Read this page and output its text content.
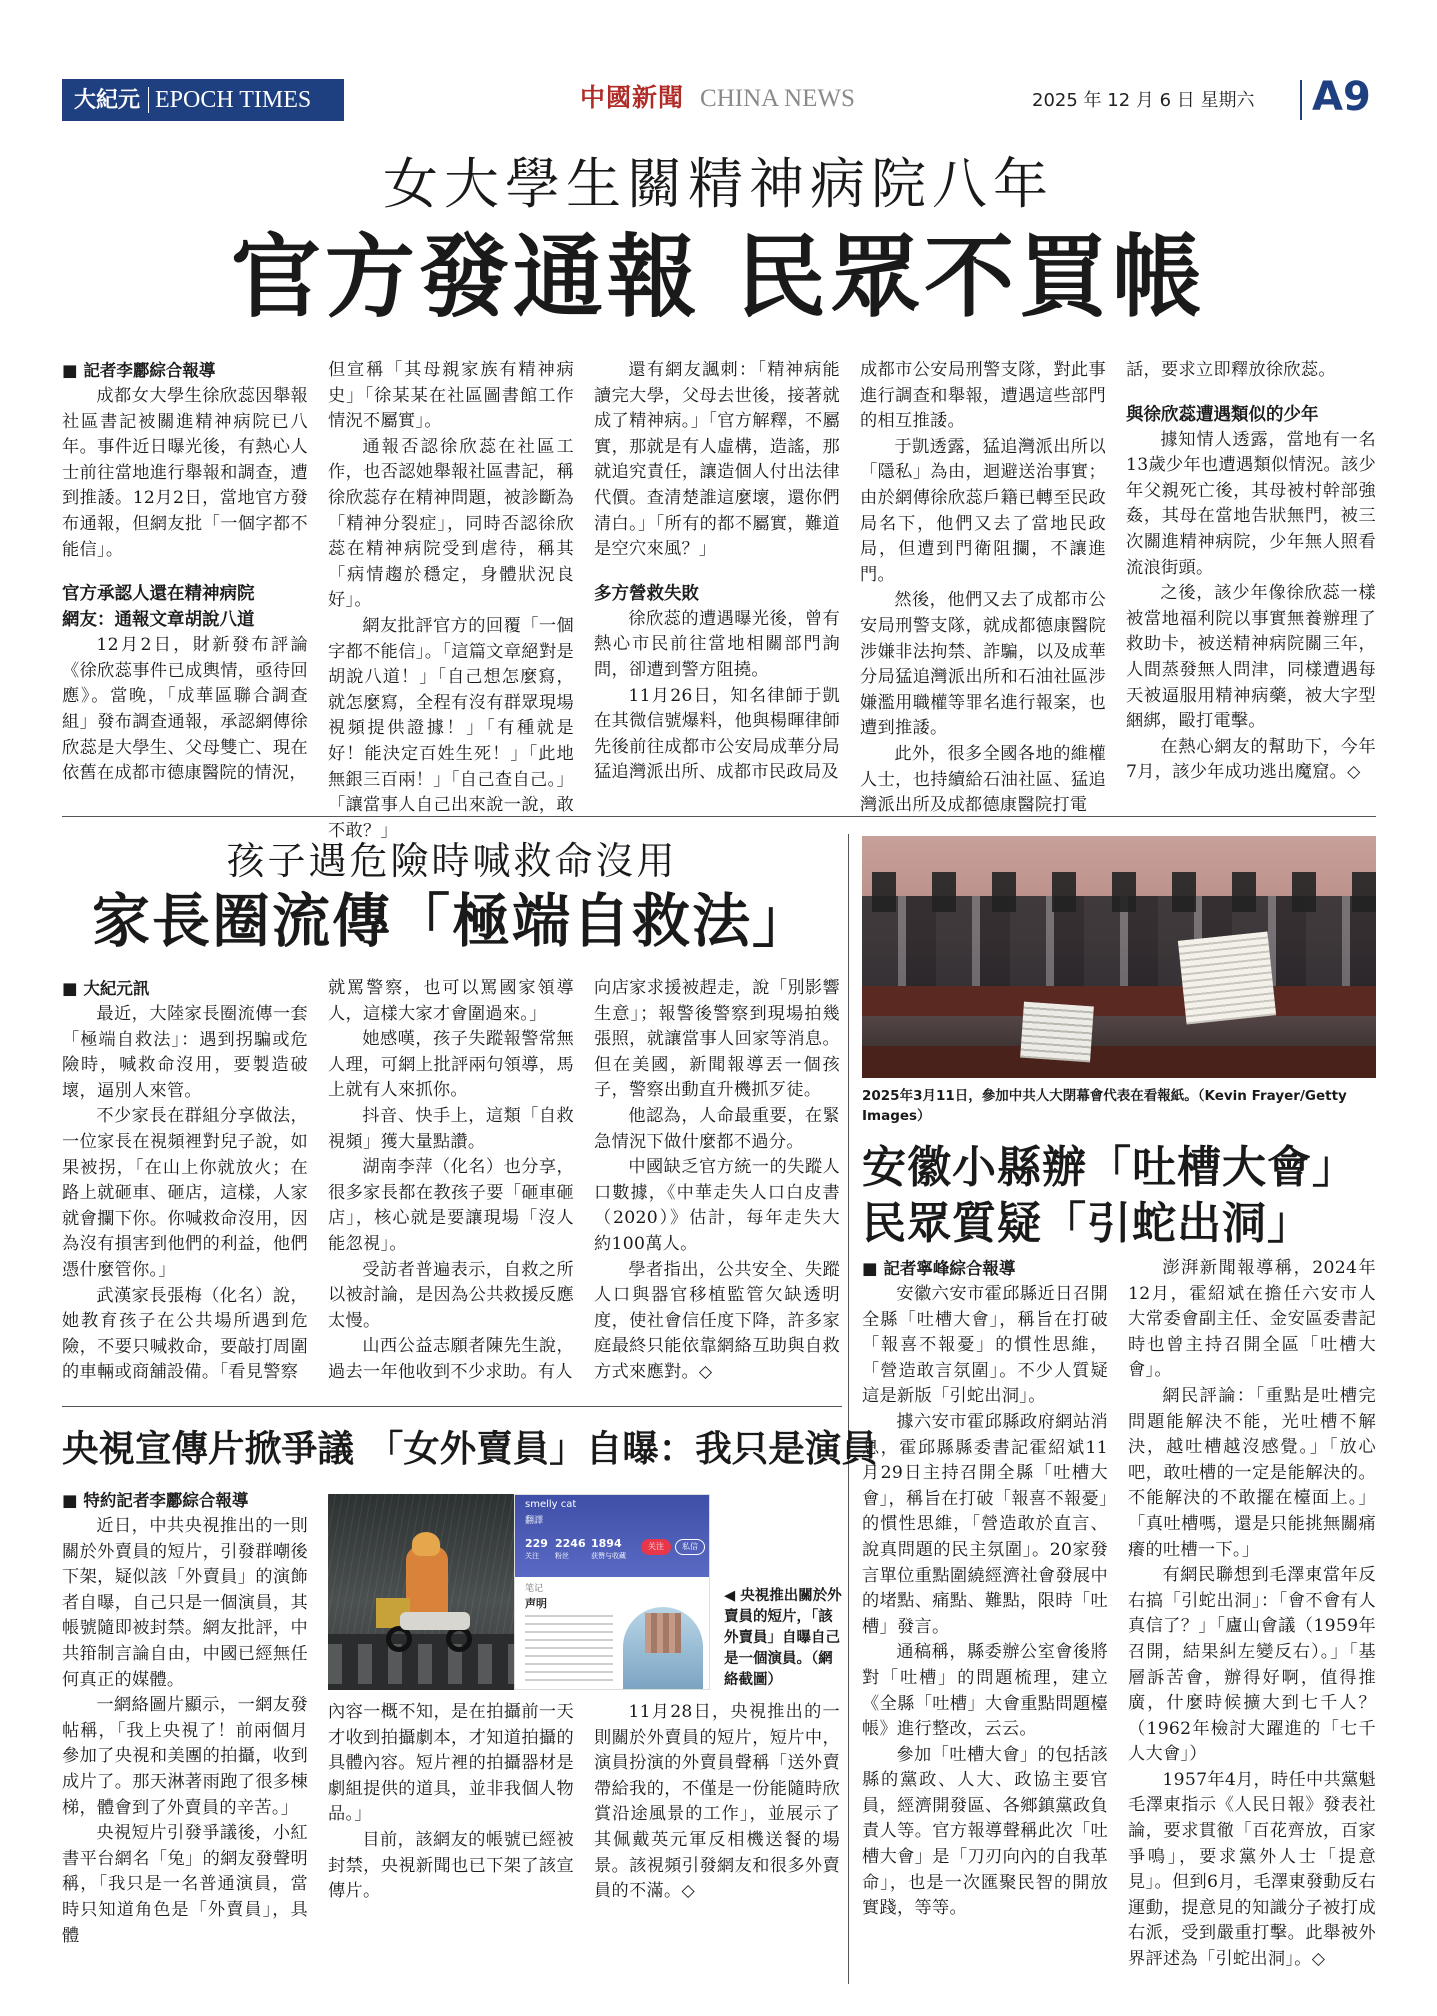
大紀元 EPOCH TIMES	中國新聞 CHINA NEWS	2025 年 12 月 6 日 星期六 A9
女大學生關精神病院八年
官方發通報 民眾不買帳
■ 記者李酈綜合報導

成都女大學生徐欣蕊因舉報社區書記被關進精神病院已八年。事件近日曝光後，有熱心人士前往當地進行舉報和調查，遭到推諉。12月2日，當地官方發布通報，但網友批「一個字都不能信」。

官方承認人還在精神病院
網友：通報文章胡說八道

12月2日，財新發布評論《徐欣蕊事件已成輿情，亟待回應》。當晚，「成華區聯合調查組」發布調查通報，承認網傳徐欣蕊是大學生、父母雙亡、現在依舊在成都市德康醫院的情況，

但宣稱「其母親家族有精神病史」「徐某某在社區圖書館工作情況不屬實」。

通報否認徐欣蕊在社區工作，也否認她舉報社區書記，稱徐欣蕊存在精神問題，被診斷為「精神分裂症」，同時否認徐欣蕊在精神病院受到虐待，稱其「病情趨於穩定，身體狀況良好」。

網友批評官方的回覆「一個字都不能信」。「這篇文章絕對是胡說八道！」「自己想怎麼寫，就怎麼寫，全程有沒有群眾現場視頻提供證據！」「有種就是好！能決定百姓生死！」「此地無銀三百兩！」「自己查自己。」「讓當事人自己出來說一說，敢不敢？」

還有網友諷刺：「精神病能讀完大學，父母去世後，接著就成了精神病。」「官方解釋，不屬實，那就是有人虛構，造謠，那就追究責任，讓造個人付出法律代價。查清楚誰這麼壞，還你們清白。」「所有的都不屬實，難道是空穴來風？」

多方營救失敗

徐欣蕊的遭遇曝光後，曾有熱心市民前往當地相關部門詢問，卻遭到警方阻撓。

11月26日，知名律師于凱在其微信號爆料，他與楊暉律師先後前往成都市公安局成華分局猛追灣派出所、成都市民政局及

成都市公安局刑警支隊，對此事進行調查和舉報，遭遇這些部門的相互推諉。

于凱透露，猛追灣派出所以「隱私」為由，迴避送治事實；由於網傳徐欣蕊戶籍已轉至民政局名下，他們又去了當地民政局，但遭到門衛阻攔，不讓進門。

然後，他們又去了成都市公安局刑警支隊，就成都德康醫院涉嫌非法拘禁、詐騙，以及成華分局猛追灣派出所和石油社區涉嫌濫用職權等罪名進行報案，也遭到推諉。

此外，很多全國各地的維權人士，也持續給石油社區、猛追灣派出所及成都德康醫院打電

話，要求立即釋放徐欣蕊。

與徐欣蕊遭遇類似的少年

據知情人透露，當地有一名13歲少年也遭遇類似情況。該少年父親死亡後，其母被村幹部強姦，其母在當地告狀無門，被三次關進精神病院，少年無人照看流浪街頭。

之後，該少年像徐欣蕊一樣被當地福利院以事實無養辦理了救助卡，被送精神病院關三年，人間蒸發無人問津，同樣遭遇每天被逼服用精神病藥，被大字型綑綁，毆打電擊。

在熱心網友的幫助下，今年7月，該少年成功逃出魔窟。◇

孩子遇危險時喊救命沒用
家長圈流傳「極端自救法」
■ 大紀元訊

最近，大陸家長圈流傳一套「極端自救法」：遇到拐騙或危險時，喊救命沒用，要製造破壞，逼別人來管。

不少家長在群組分享做法，一位家長在視頻裡對兒子說，如果被拐，「在山上你就放火；在路上就砸車、砸店，這樣，人家就會攔下你。你喊救命沒用，因為沒有損害到他們的利益，他們憑什麼管你。」

武漢家長張梅（化名）說，她教育孩子在公共場所遇到危險，不要只喊救命，要敲打周圍的車輛或商舖設備。「看見警察

就罵警察，也可以罵國家領導人，這樣大家才會圍過來。」

她感嘆，孩子失蹤報警常無人理，可網上批評兩句領導，馬上就有人來抓你。

抖音、快手上，這類「自救視頻」獲大量點讚。

湖南李萍（化名）也分享，很多家長都在教孩子要「砸車砸店」，核心就是要讓現場「沒人能忽視」。

受訪者普遍表示，自救之所以被討論，是因為公共救援反應太慢。

山西公益志願者陳先生說，過去一年他收到不少求助。有人

向店家求援被趕走，說「別影響生意」；報警後警察到現場拍幾張照，就讓當事人回家等消息。但在美國，新聞報導丟一個孩子，警察出動直升機抓歹徒。

他認為，人命最重要，在緊急情況下做什麼都不過分。

中國缺乏官方統一的失蹤人口數據，《中華走失人口白皮書（2020）》估計，每年走失大約100萬人。

學者指出，公共安全、失蹤人口與器官移植監管欠缺透明度，使社會信任度下降，許多家庭最終只能依靠網絡互助與自救方式來應對。◇

央視宣傳片掀爭議 「女外賣員」自曝：我只是演員
■ 特約記者李酈綜合報導

近日，中共央視推出的一則關於外賣員的短片，引發群嘲後下架，疑似該「外賣員」的演飾者自曝，自己只是一個演員，其帳號隨即被封禁。網友批評，中共箝制言論自由，中國已經無任何真正的媒體。

一網絡圖片顯示，一網友發帖稱，「我上央視了！前兩個月參加了央視和美團的拍攝，收到成片了。那天淋著雨跑了很多棟梯，體會到了外賣員的辛苦。」

央視短片引發爭議後，小紅書平台網名「兔」的網友發聲明稱，「我只是一名普通演員，當時只知道角色是「外賣員」，具體

smelly cat
翻譯
229 2246 1894
关注 粉丝	获赞与收藏
关注	私信
笔记
声明	◀ 央視推出關於外賣員的短片，「該外賣員」自曝自己是一個演員。（網絡截圖）

內容一概不知，是在拍攝前一天才收到拍攝劇本，才知道拍攝的具體內容。短片裡的拍攝器材是劇組提供的道具，並非我個人物品。」

目前，該網友的帳號已經被封禁，央視新聞也已下架了該宣傳片。

11月28日，央視推出的一則關於外賣員的短片，短片中，演員扮演的外賣員聲稱「送外賣帶給我的，不僅是一份能隨時欣賞沿途風景的工作」，並展示了其佩戴英元軍反相機送餐的場景。該視頻引發網友和很多外賣員的不滿。◇

2025年3月11日，參加中共人大閉幕會代表在看報紙。（Kevin Frayer/Getty Images）
安徽小縣辦「吐槽大會」
民眾質疑「引蛇出洞」
■ 記者寧峰綜合報導

安徽六安市霍邱縣近日召開全縣「吐槽大會」，稱旨在打破「報喜不報憂」的慣性思維，「營造敢言氛圍」。不少人質疑這是新版「引蛇出洞」。

據六安市霍邱縣政府網站消息，霍邱縣縣委書記霍紹斌11月29日主持召開全縣「吐槽大會」，稱旨在打破「報喜不報憂」的慣性思維，「營造敢於直言、說真問題的民主氛圍」。20家發言單位重點圍繞經濟社會發展中的堵點、痛點、難點，限時「吐槽」發言。

通稿稱，縣委辦公室會後將對「吐槽」的問題梳理，建立《全縣「吐槽」大會重點問題檯帳》進行整改，云云。

參加「吐槽大會」的包括該縣的黨政、人大、政協主要官員，經濟開發區、各鄉鎮黨政負責人等。官方報導聲稱此次「吐槽大會」是「刀刃向內的自我革命」，也是一次匯聚民智的開放實踐，等等。

澎湃新聞報導稱，2024年12月，霍紹斌在擔任六安市人大常委會副主任、金安區委書記時也曾主持召開全區「吐槽大會」。

網民評論：「重點是吐槽完問題能解決不能，光吐槽不解決，越吐槽越沒感覺。」「放心吧，敢吐槽的一定是能解決的。不能解決的不敢擺在檯面上。」「真吐槽嗎，還是只能挑無關痛癢的吐槽一下。」

有網民聯想到毛澤東當年反右搞「引蛇出洞」：「會不會有人真信了？」「廬山會議（1959年召開，結果糾左變反右）。」「基層訴苦會，辦得好啊，值得推廣，什麼時候擴大到七千人？（1962年檢討大躍進的「七千人大會」）

1957年4月，時任中共黨魁毛澤東指示《人民日報》發表社論，要求貫徹「百花齊放，百家爭鳴」，要求黨外人士「提意見」。但到6月，毛澤東發動反右運動，提意見的知識分子被打成右派，受到嚴重打擊。此舉被外界評述為「引蛇出洞」。◇
